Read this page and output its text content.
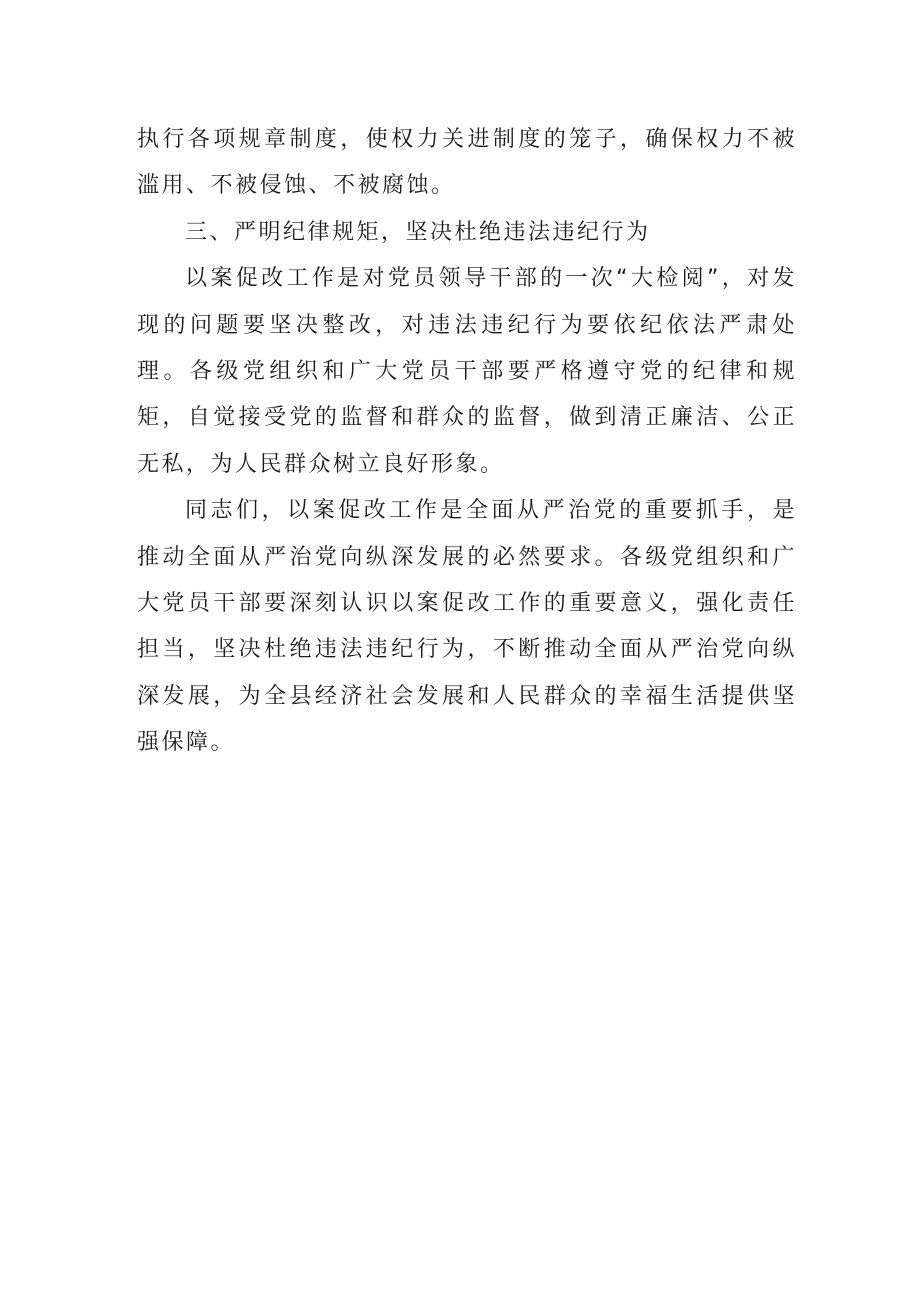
执行各项规章制度，使权力关进制度的笼子，确保权力不被滥用、不被侵蚀、不被腐蚀。

三、严明纪律规矩，坚决杜绝违法违纪行为

以案促改工作是对党员领导干部的一次“大检阅”，对发现的问题要坚决整改，对违法违纪行为要依纪依法严肃处理。各级党组织和广大党员干部要严格遵守党的纪律和规矩，自觉接受党的监督和群众的监督，做到清正廉洁、公正无私，为人民群众树立良好形象。

同志们，以案促改工作是全面从严治党的重要抓手，是推动全面从严治党向纵深发展的必然要求。各级党组织和广大党员干部要深刻认识以案促改工作的重要意义，强化责任担当，坚决杜绝违法违纪行为，不断推动全面从严治党向纵深发展，为全县经济社会发展和人民群众的幸福生活提供坚强保障。
